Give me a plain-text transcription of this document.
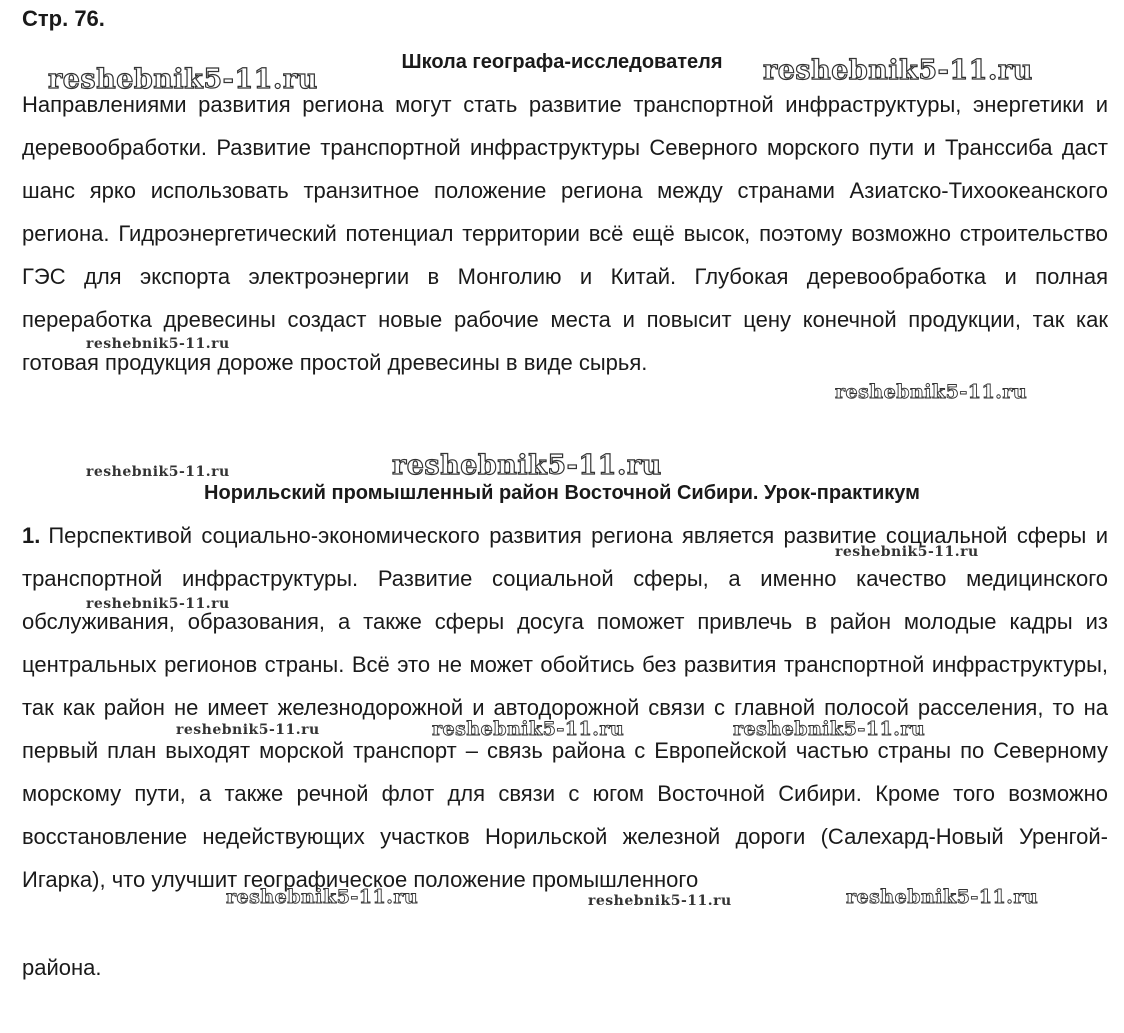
Стр. 76.
Школа географа-исследователя

Направлениями развития региона могут стать развитие транспортной инфраструктуры, энергетики и деревообработки. Развитие транспортной инфраструктуры Северного морского пути и Транссиба даст шанс ярко использовать транзитное положение региона между странами Азиатско-Тихоокеанского региона. Гидроэнергетический потенциал территории всё ещё высок, поэтому возможно строительство ГЭС для экспорта электроэнергии в Монголию и Китай. Глубокая деревообработка и полная переработка древесины создаст новые рабочие места и повысит цену конечной продукции, так как готовая продукция дороже простой древесины в виде сырья.

Норильский промышленный район Восточной Сибири. Урок-практикум

1. Перспективой социально-экономического развития региона является развитие социальной сферы и транспортной инфраструктуры. Развитие социальной сферы, а именно качество медицинского обслуживания, образования, а также сферы досуга поможет привлечь в район молодые кадры из центральных регионов страны. Всё это не может обойтись без развития транспортной инфраструктуры, так как район не имеет железнодорожной и автодорожной связи с главной полосой расселения, то на первый план выходят морской транспорт – связь района с Европейской частью страны по Северному морскому пути, а также речной флот для связи с югом Восточной Сибири. Кроме того возможно восстановление недействующих участков Норильской железной дороги (Салехард-Новый Уренгой-Игарка), что улучшит географическое положение промышленного

района.
reshebnik5-11.ru	reshebnik5-11.ru
reshebnik5-11.ru
reshebnik5-11.ru
reshebnik5-11.ru	reshebnik5-11.ru
reshebnik5-11.ru
reshebnik5-11.ru
reshebnik5-11.ru	reshebnik5-11.ru	reshebnik5-11.ru
reshebnik5-11.ru	reshebnik5-11.ru	reshebnik5-11.ru
